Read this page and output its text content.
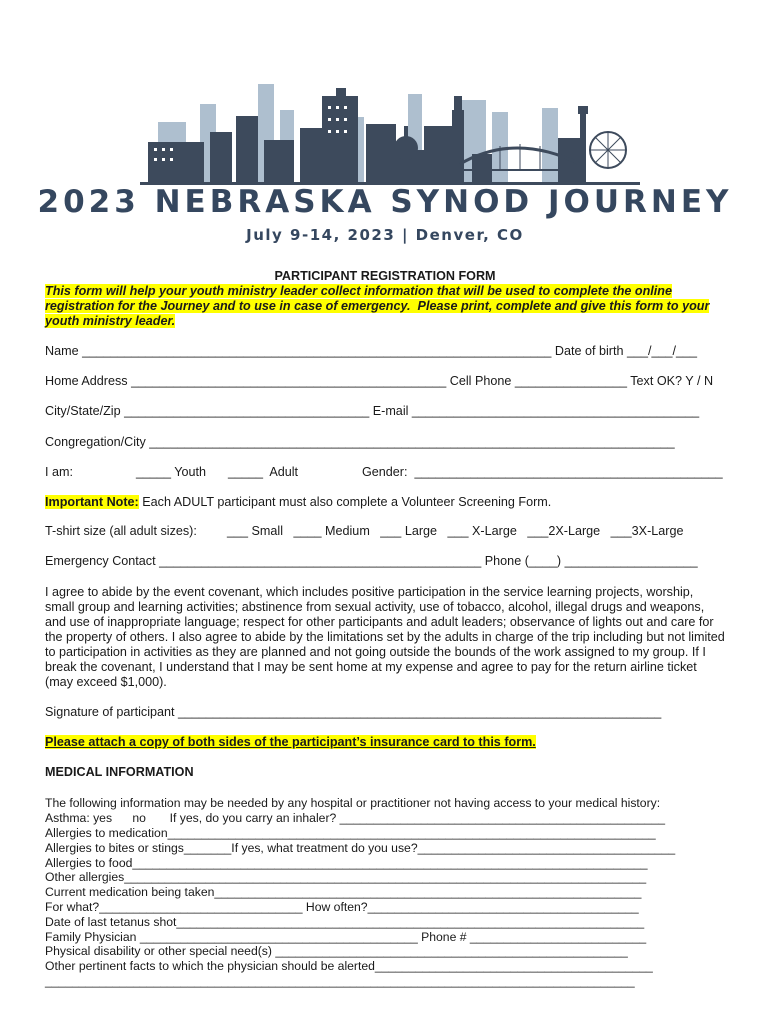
2023 NEBRASKA SYNOD JOURNEY
July 9-14, 2023 | Denver, CO
PARTICIPANT REGISTRATION FORM
This form will help your youth ministry leader collect information that will be used to complete the online
registration for the Journey and to use in case of emergency.  Please print, complete and give this form to your
youth ministry leader.
Name ___________________________________________________________________ Date of birth ___/___/___
Home Address _____________________________________________ Cell Phone ________________ Text OK? Y / N
City/State/Zip ___________________________________ E-mail _________________________________________
Congregation/City ___________________________________________________________________________
I am:	_____ Youth _____  Adult	Gender:  ____________________________________________
Important Note: Each ADULT participant must also complete a Volunteer Screening Form.
T-shirt size (all adult sizes): ___ Small   ____ Medium   ___ Large   ___ X-Large   ___2X-Large   ___3X-Large
Emergency Contact ______________________________________________ Phone (____) ___________________
I agree to abide by the event covenant, which includes positive participation in the service learning projects, worship,
small group and learning activities; abstinence from sexual activity, use of tobacco, alcohol, illegal drugs and weapons,
and use of inappropriate language; respect for other participants and adult leaders; observance of lights out and care for
the property of others. I also agree to abide by the limitations set by the adults in charge of the trip including but not limited
to participation in activities as they are planned and not going outside the bounds of the work assigned to my group. If I
break the covenant, I understand that I may be sent home at my expense and agree to pay for the return airline ticket
(may exceed $1,000).
Signature of participant _____________________________________________________________________
Please attach a copy of both sides of the participant’s insurance card to this form.
MEDICAL INFORMATION
The following information may be needed by any hospital or practitioner not having access to your medical history:
Asthma: yes      no       If yes, do you carry an inhaler? ________________________________________________
Allergies to medication________________________________________________________________________
Allergies to bites or stings_______If yes, what treatment do you use?______________________________________
Allergies to food____________________________________________________________________________
Other allergies_____________________________________________________________________________
Current medication being taken_______________________________________________________________
For what?______________________________ How often?________________________________________
Date of last tetanus shot_____________________________________________________________________
Family Physician _________________________________________ Phone # __________________________
Physical disability or other special need(s) ____________________________________________________
Other pertinent facts to which the physician should be alerted_________________________________________
_______________________________________________________________________________________
